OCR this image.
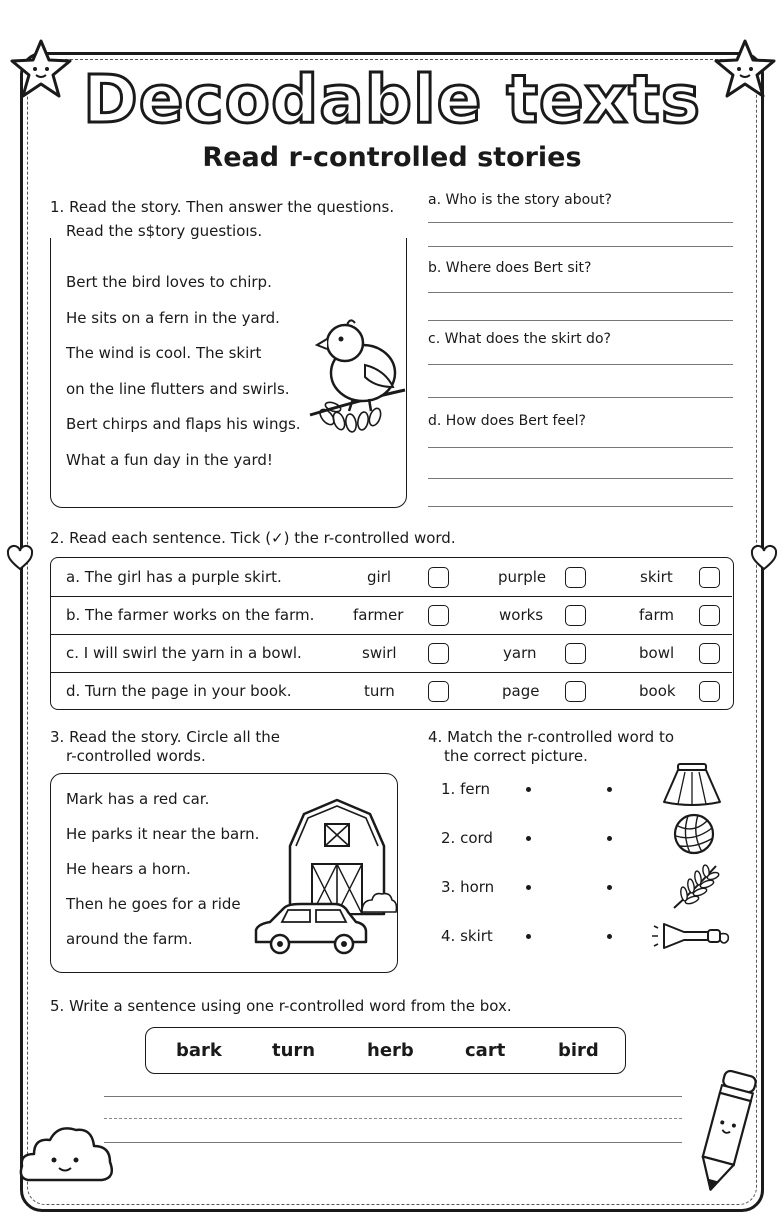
Decodable texts
Read r-controlled stories
1. Read the story. Then answer the questions.
Read the s$tory guestioıs.
Bert the bird loves to chirp.
He sits on a fern in the yard.
The wind is cool. The skirt
on the line flutters and swirls.
Bert chirps and flaps his wings.
What a fun day in the yard!
a. Who is the story about?
b. Where does Bert sit?
c. What does the skirt do?
d. How does Bert feel?
2. Read each sentence. Tick (✓) the r-controlled word.
a. The girl has a purple skirt.	girl	purple	skirt
b. The farmer works on the farm.	farmer	works	farm
c. I will swirl the yarn in a bowl.	swirl	yarn	bowl
d. Turn the page in your book.	turn	page	book
3. Read the story. Circle all the
r-controlled words.
Mark has a red car.
He parks it near the barn.
He hears a horn.
Then he goes for a ride
around the farm.
4. Match the r-controlled word to
the correct picture.
1. fern
2. cord
3. horn
4. skirt
5. Write a sentence using one r-controlled word from the box.
bark	turn	herb	cart	bird
